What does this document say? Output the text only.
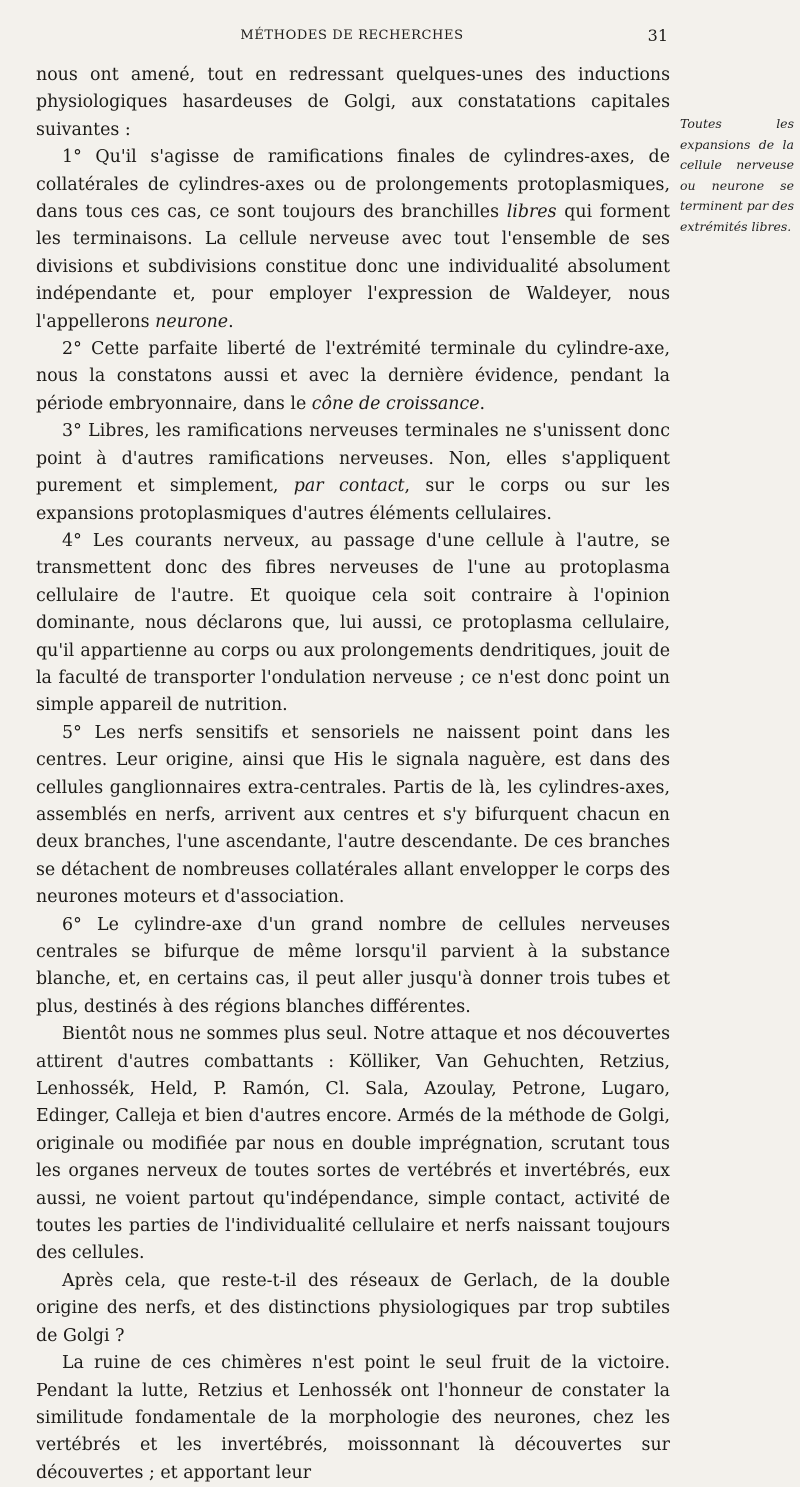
MÉTHODES DE RECHERCHES	31

nous ont amené, tout en redressant quelques-unes des inductions physiologiques hasardeuses de Golgi, aux constatations capitales suivantes :

1° Qu'il s'agisse de ramifications finales de cylindres-axes, de collatérales de cylindres-axes ou de prolongements protoplasmiques, dans tous ces cas, ce sont toujours des branchilles libres qui forment les terminaisons. La cellule nerveuse avec tout l'ensemble de ses divisions et subdivisions constitue donc une individualité absolument indépendante et, pour employer l'expression de Waldeyer, nous l'appellerons neurone.

2° Cette parfaite liberté de l'extrémité terminale du cylindre-axe, nous la constatons aussi et avec la dernière évidence, pendant la période embryonnaire, dans le cône de croissance.

3° Libres, les ramifications nerveuses terminales ne s'unissent donc point à d'autres ramifications nerveuses. Non, elles s'appliquent purement et simplement, par contact, sur le corps ou sur les expansions protoplasmiques d'autres éléments cellulaires.

4° Les courants nerveux, au passage d'une cellule à l'autre, se transmettent donc des fibres nerveuses de l'une au protoplasma cellulaire de l'autre. Et quoique cela soit contraire à l'opinion dominante, nous déclarons que, lui aussi, ce protoplasma cellulaire, qu'il appartienne au corps ou aux prolongements dendritiques, jouit de la faculté de transporter l'ondulation nerveuse ; ce n'est donc point un simple appareil de nutrition.

5° Les nerfs sensitifs et sensoriels ne naissent point dans les centres. Leur origine, ainsi que His le signala naguère, est dans des cellules ganglionnaires extra-centrales. Partis de là, les cylindres-axes, assemblés en nerfs, arrivent aux centres et s'y bifurquent chacun en deux branches, l'une ascendante, l'autre descendante. De ces branches se détachent de nombreuses collatérales allant envelopper le corps des neurones moteurs et d'association.

6° Le cylindre-axe d'un grand nombre de cellules nerveuses centrales se bifurque de même lorsqu'il parvient à la substance blanche, et, en certains cas, il peut aller jusqu'à donner trois tubes et plus, destinés à des régions blanches différentes.

Bientôt nous ne sommes plus seul. Notre attaque et nos découvertes attirent d'autres combattants : Kölliker, Van Gehuchten, Retzius, Lenhossék, Held, P. Ramón, Cl. Sala, Azoulay, Petrone, Lugaro, Edinger, Calleja et bien d'autres encore. Armés de la méthode de Golgi, originale ou modifiée par nous en double imprégnation, scrutant tous les organes nerveux de toutes sortes de vertébrés et invertébrés, eux aussi, ne voient partout qu'indépendance, simple contact, activité de toutes les parties de l'individualité cellulaire et nerfs naissant toujours des cellules.

Après cela, que reste-t-il des réseaux de Gerlach, de la double origine des nerfs, et des distinctions physiologiques par trop subtiles de Golgi ?

La ruine de ces chimères n'est point le seul fruit de la victoire. Pendant la lutte, Retzius et Lenhossék ont l'honneur de constater la similitude fondamentale de la morphologie des neurones, chez les vertébrés et les invertébrés, moissonnant là découvertes sur découvertes ; et apportant leur

Toutes les expansions de la cellule nerveuse ou neurone se terminent par des extrémités libres.
